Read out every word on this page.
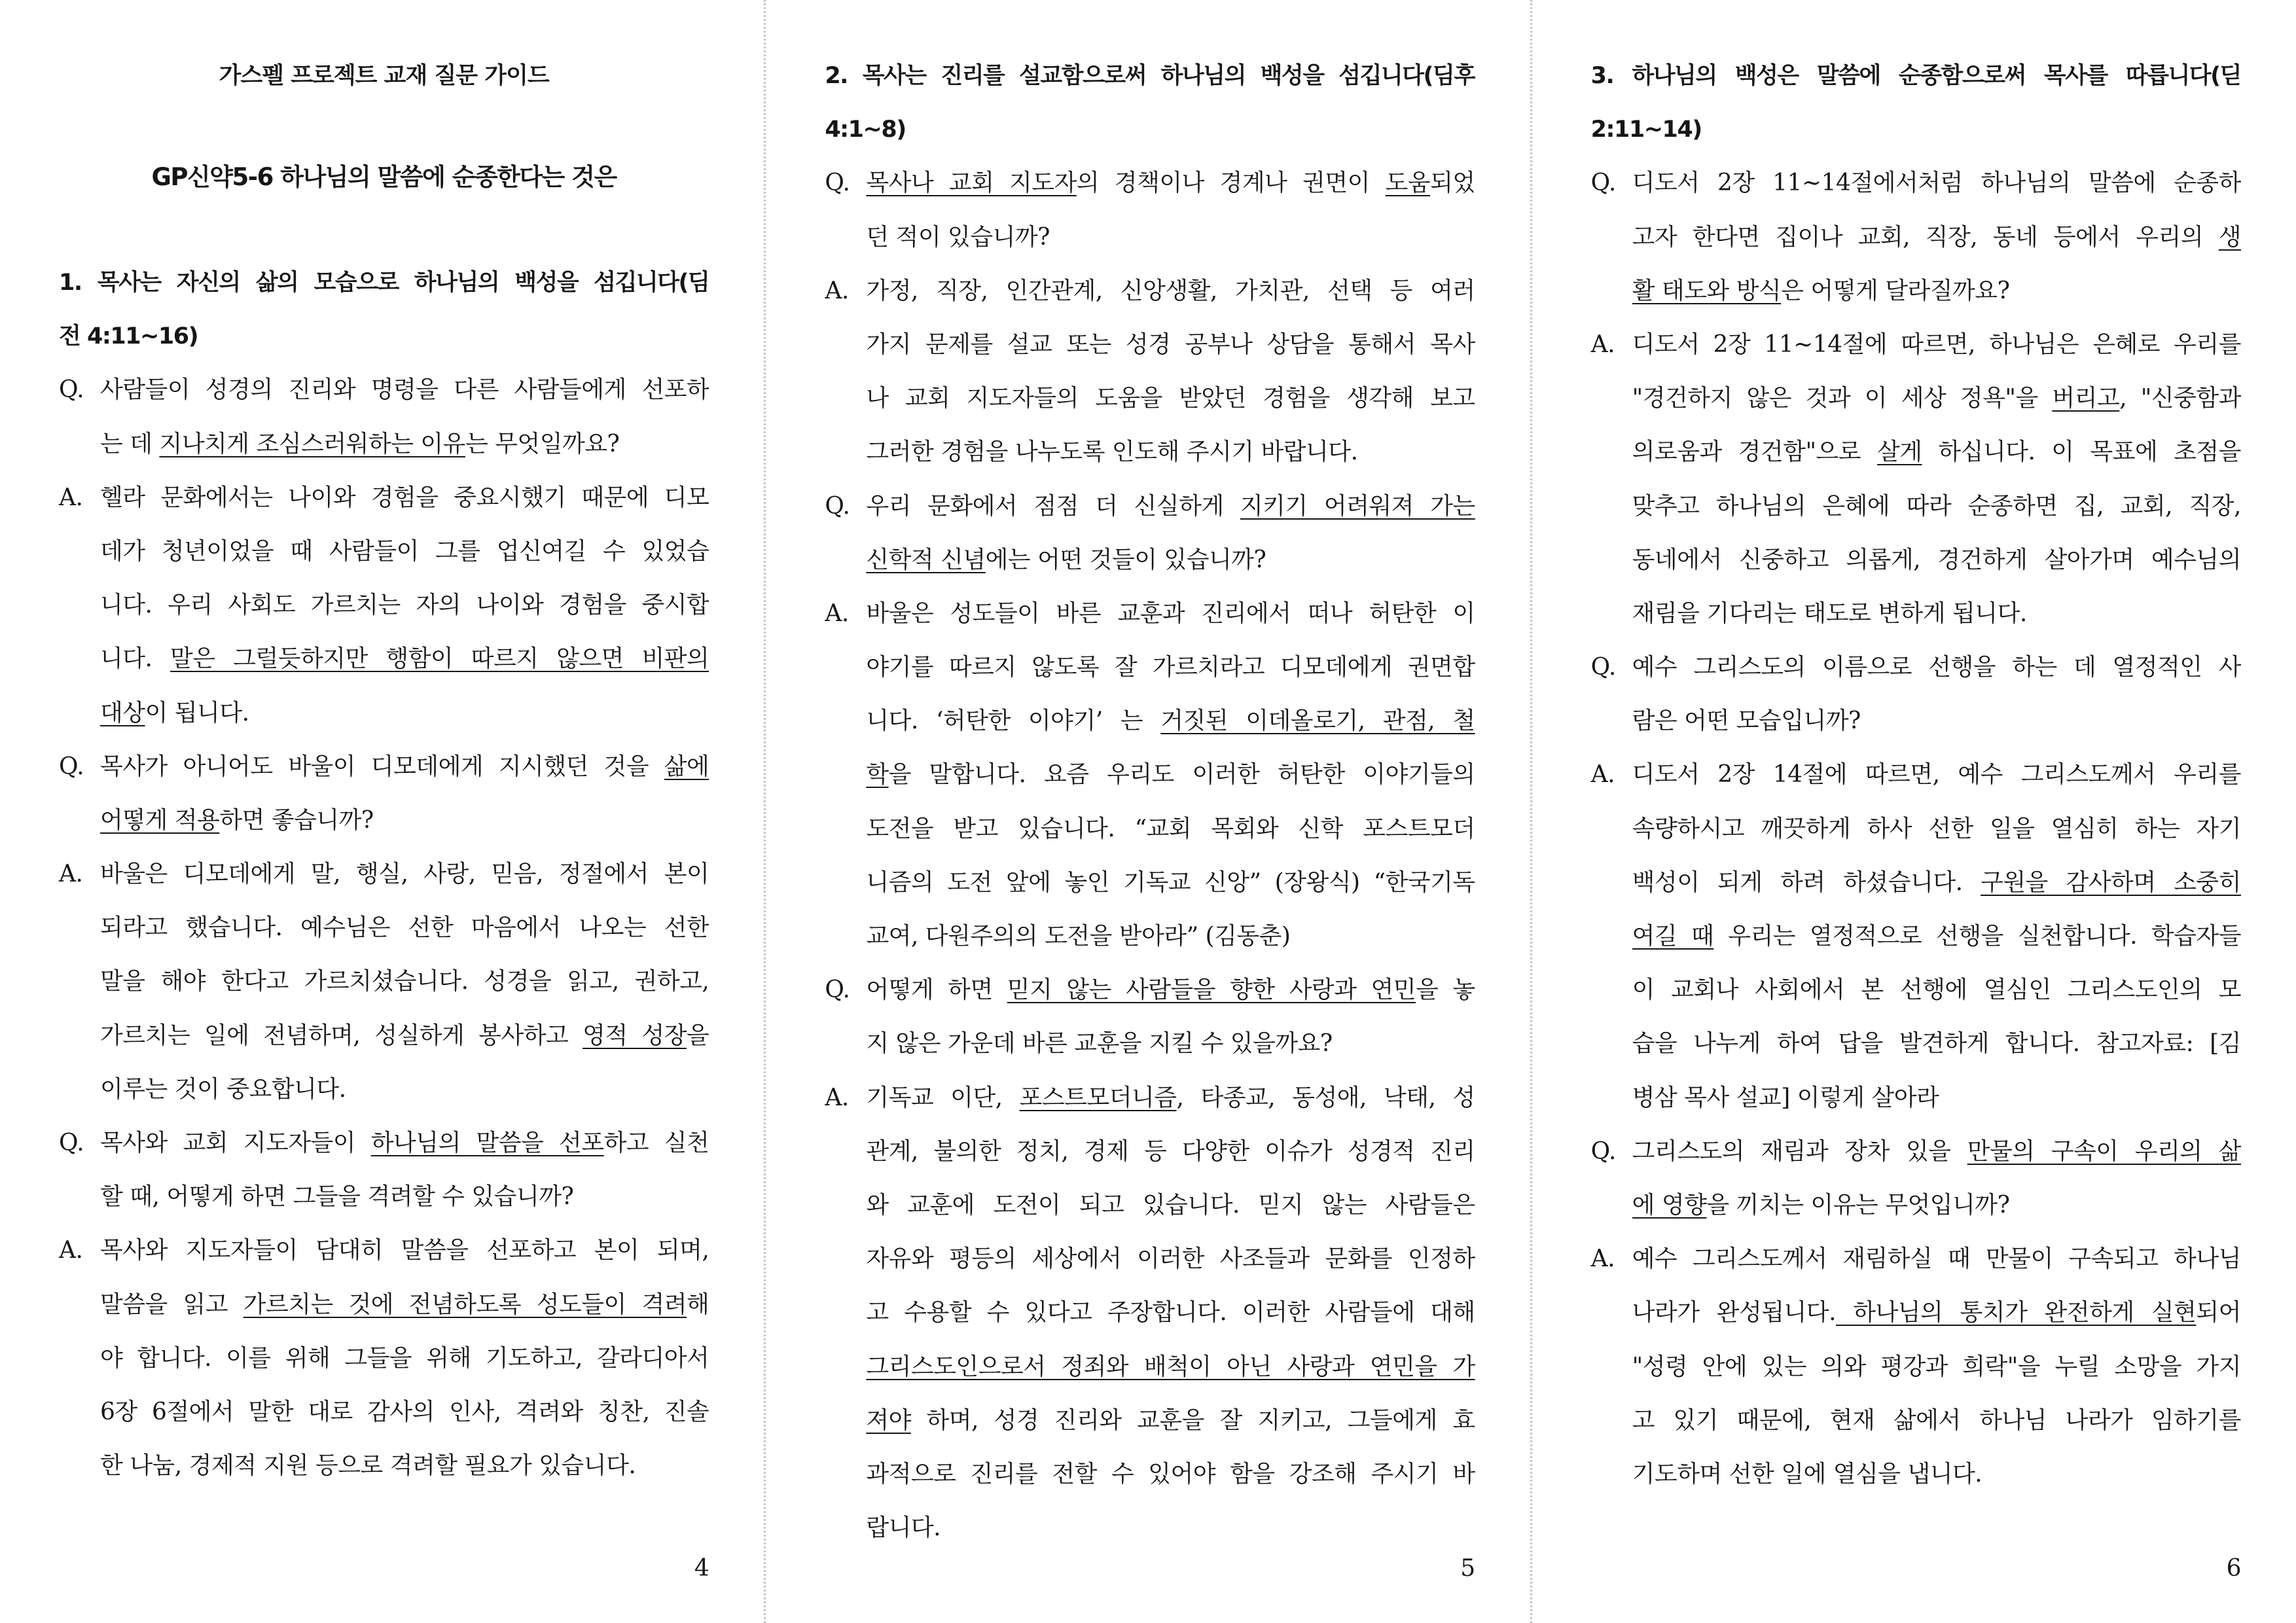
가스펠 프로젝트 교재 질문 가이드
GP신약5-6 하나님의 말씀에 순종한다는 것은
1. 목사는 자신의 삶의 모습으로 하나님의 백성을 섬깁니다(딤
전 4:11~16)
Q. 사람들이 성경의 진리와 명령을 다른 사람들에게 선포하
는 데 지나치게 조심스러워하는 이유는 무엇일까요?
A. 헬라 문화에서는 나이와 경험을 중요시했기 때문에 디모
데가 청년이었을 때 사람들이 그를 업신여길 수 있었습
니다. 우리 사회도 가르치는 자의 나이와 경험을 중시합
니다. 말은 그럴듯하지만 행함이 따르지 않으면 비판의
대상이 됩니다.
Q. 목사가 아니어도 바울이 디모데에게 지시했던 것을 삶에
어떻게 적용하면 좋습니까?
A. 바울은 디모데에게 말, 행실, 사랑, 믿음, 정절에서 본이
되라고 했습니다. 예수님은 선한 마음에서 나오는 선한
말을 해야 한다고 가르치셨습니다. 성경을 읽고, 권하고,
가르치는 일에 전념하며, 성실하게 봉사하고 영적 성장을
이루는 것이 중요합니다.
Q. 목사와 교회 지도자들이 하나님의 말씀을 선포하고 실천
할 때, 어떻게 하면 그들을 격려할 수 있습니까?
A. 목사와 지도자들이 담대히 말씀을 선포하고 본이 되며,
말씀을 읽고 가르치는 것에 전념하도록 성도들이 격려해
야 합니다. 이를 위해 그들을 위해 기도하고, 갈라디아서
6장 6절에서 말한 대로 감사의 인사, 격려와 칭찬, 진솔
한 나눔, 경제적 지원 등으로 격려할 필요가 있습니다.
4
2. 목사는 진리를 설교함으로써 하나님의 백성을 섬깁니다(딤후
4:1~8)
Q. 목사나 교회 지도자의 경책이나 경계나 권면이 도움되었
던 적이 있습니까?
A. 가정, 직장, 인간관계, 신앙생활, 가치관, 선택 등 여러
가지 문제를 설교 또는 성경 공부나 상담을 통해서 목사
나 교회 지도자들의 도움을 받았던 경험을 생각해 보고
그러한 경험을 나누도록 인도해 주시기 바랍니다.
Q. 우리 문화에서 점점 더 신실하게 지키기 어려워져 가는
신학적 신념에는 어떤 것들이 있습니까?
A. 바울은 성도들이 바른 교훈과 진리에서 떠나 허탄한 이
야기를 따르지 않도록 잘 가르치라고 디모데에게 권면합
니다. ‘허탄한 이야기’ 는 거짓된 이데올로기, 관점, 철
학을 말합니다. 요즘 우리도 이러한 허탄한 이야기들의
도전을 받고 있습니다. “교회 목회와 신학 포스트모더
니즘의 도전 앞에 놓인 기독교 신앙” (장왕식) “한국기독
교여, 다원주의의 도전을 받아라” (김동춘)
Q. 어떻게 하면 믿지 않는 사람들을 향한 사랑과 연민을 놓
지 않은 가운데 바른 교훈을 지킬 수 있을까요?
A. 기독교 이단, 포스트모더니즘, 타종교, 동성애, 낙태, 성
관계, 불의한 정치, 경제 등 다양한 이슈가 성경적 진리
와 교훈에 도전이 되고 있습니다. 믿지 않는 사람들은
자유와 평등의 세상에서 이러한 사조들과 문화를 인정하
고 수용할 수 있다고 주장합니다. 이러한 사람들에 대해
그리스도인으로서 정죄와 배척이 아닌 사랑과 연민을 가
져야 하며, 성경 진리와 교훈을 잘 지키고, 그들에게 효
과적으로 진리를 전할 수 있어야 함을 강조해 주시기 바
랍니다.
5
3. 하나님의 백성은 말씀에 순종함으로써 목사를 따릅니다(딛
2:11~14)
Q. 디도서 2장 11~14절에서처럼 하나님의 말씀에 순종하
고자 한다면 집이나 교회, 직장, 동네 등에서 우리의 생
활 태도와 방식은 어떻게 달라질까요?
A. 디도서 2장 11~14절에 따르면, 하나님은 은혜로 우리를
"경건하지 않은 것과 이 세상 정욕"을 버리고, "신중함과
의로움과 경건함"으로 살게 하십니다. 이 목표에 초점을
맞추고 하나님의 은혜에 따라 순종하면 집, 교회, 직장,
동네에서 신중하고 의롭게, 경건하게 살아가며 예수님의
재림을 기다리는 태도로 변하게 됩니다.
Q. 예수 그리스도의 이름으로 선행을 하는 데 열정적인 사
람은 어떤 모습입니까?
A. 디도서 2장 14절에 따르면, 예수 그리스도께서 우리를
속량하시고 깨끗하게 하사 선한 일을 열심히 하는 자기
백성이 되게 하려 하셨습니다. 구원을 감사하며 소중히
여길 때 우리는 열정적으로 선행을 실천합니다. 학습자들
이 교회나 사회에서 본 선행에 열심인 그리스도인의 모
습을 나누게 하여 답을 발견하게 합니다. 참고자료: [김
병삼 목사 설교] 이렇게 살아라
Q. 그리스도의 재림과 장차 있을 만물의 구속이 우리의 삶
에 영향을 끼치는 이유는 무엇입니까?
A. 예수 그리스도께서 재림하실 때 만물이 구속되고 하나님
나라가 완성됩니다. 하나님의 통치가 완전하게 실현되어
"성령 안에 있는 의와 평강과 희락"을 누릴 소망을 가지
고 있기 때문에, 현재 삶에서 하나님 나라가 임하기를
기도하며 선한 일에 열심을 냅니다.
6
